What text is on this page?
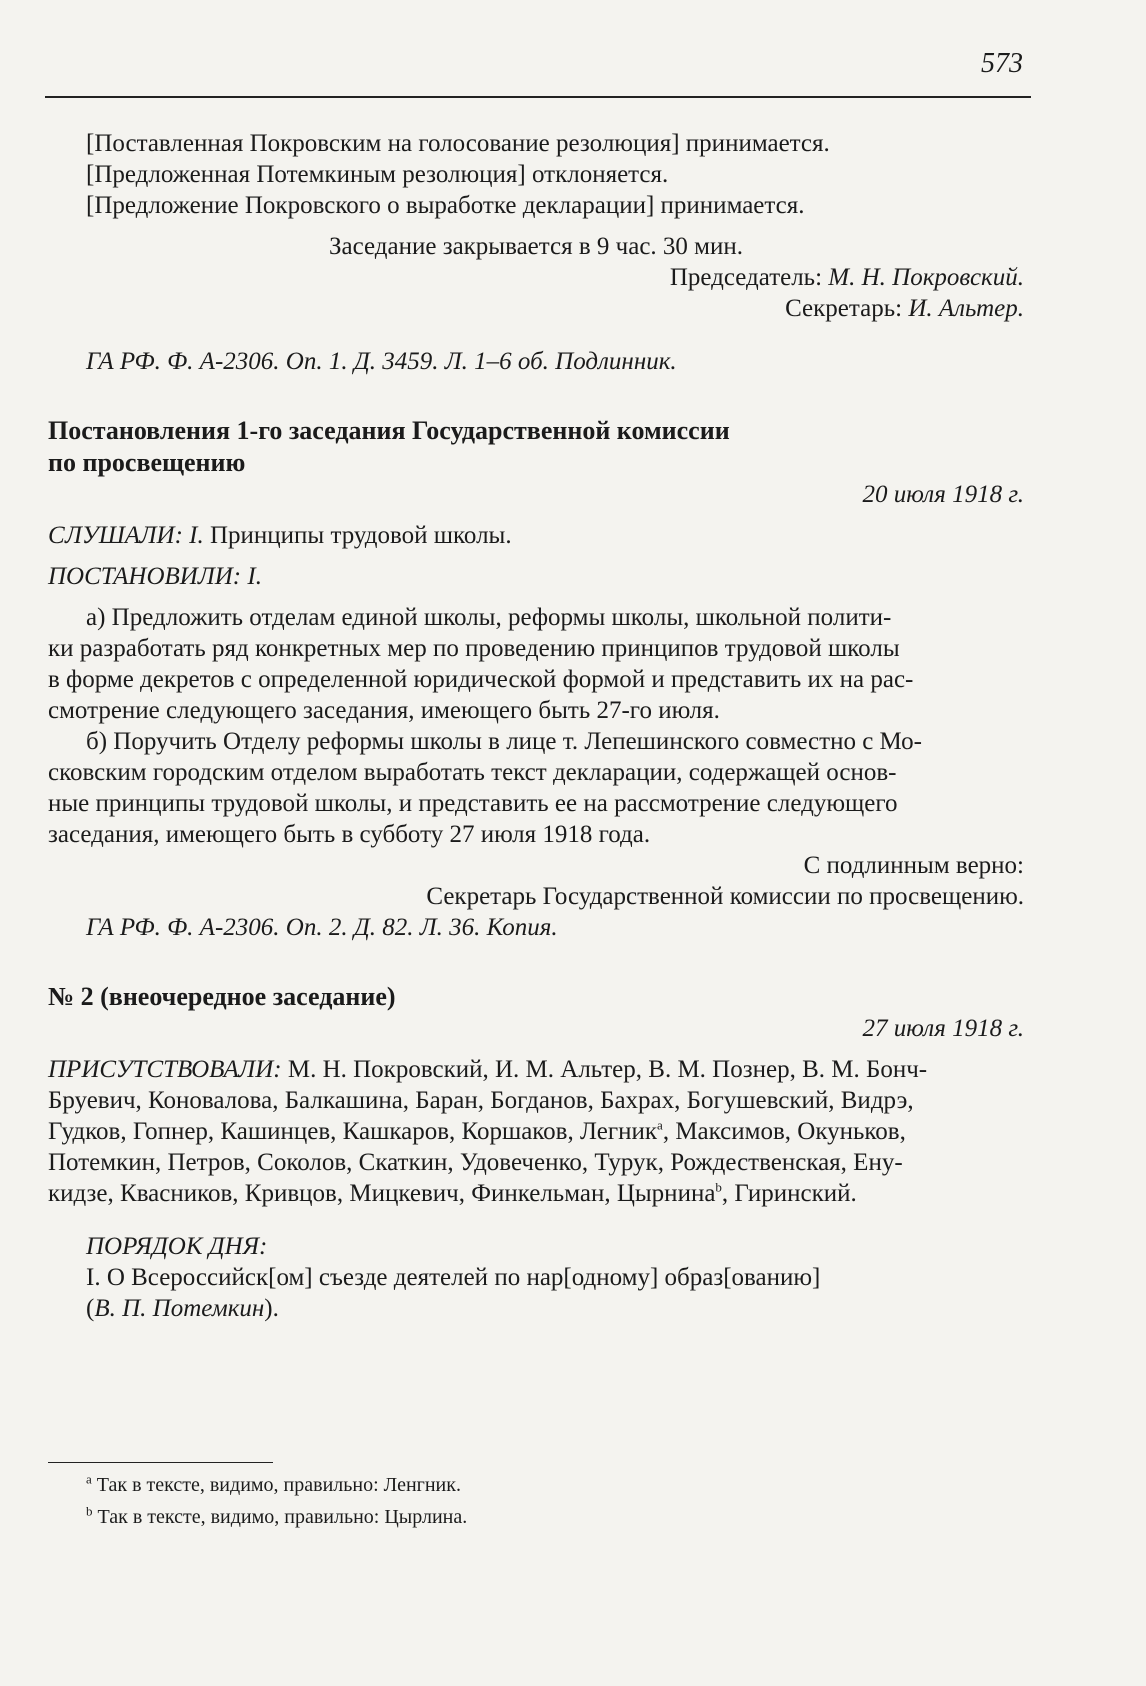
573
[Поставленная Покровским на голосование резолюция] принимается.
[Предложенная Потемкиным резолюция] отклоняется.
[Предложение Покровского о выработке декларации] принимается.
Заседание закрывается в 9 час. 30 мин.
Председатель: М. Н. Покровский.
Секретарь: И. Альтер.
ГА РФ. Ф. А-2306. Оп. 1. Д. 3459. Л. 1–6 об. Подлинник.
Постановления 1-го заседания Государственной комиссии
по просвещению
20 июля 1918 г.
СЛУШАЛИ: I. Принципы трудовой школы.
ПОСТАНОВИЛИ: I.
а) Предложить отделам единой школы, реформы школы, школьной полити-
ки разработать ряд конкретных мер по проведению принципов трудовой школы
в форме декретов с определенной юридической формой и представить их на рас-
смотрение следующего заседания, имеющего быть 27-го июля.
б) Поручить Отделу реформы школы в лице т. Лепешинского совместно с Мо-
сковским городским отделом выработать текст декларации, содержащей основ-
ные принципы трудовой школы, и представить ее на рассмотрение следующего
заседания, имеющего быть в субботу 27 июля 1918 года.
С подлинным верно:
Секретарь Государственной комиссии по просвещению.
ГА РФ. Ф. А-2306. Оп. 2. Д. 82. Л. 36. Копия.
№ 2 (внеочередное заседание)
27 июля 1918 г.
ПРИСУТСТВОВАЛИ: М. Н. Покровский, И. М. Альтер, В. М. Познер, В. М. Бонч-
Бруевич, Коновалова, Балкашина, Баран, Богданов, Бахрах, Богушевский, Видрэ,
Гудков, Гопнер, Кашинцев, Кашкаров, Коршаков, Легник$^a$, Максимов, Окуньков,
Потемкин, Петров, Соколов, Скаткин, Удовеченко, Турук, Рождественская, Ену-
кидзе, Квасников, Кривцов, Мицкевич, Финкельман, Цырнина$^b$, Гиринский.
ПОРЯДОК ДНЯ:
I. О Всероссийск[ом] съезде деятелей по нар[одному] образ[ованию]
(В. П. Потемкин).
$^a$ Так в тексте, видимо, правильно: Ленгник.
$^b$ Так в тексте, видимо, правильно: Цырлина.
